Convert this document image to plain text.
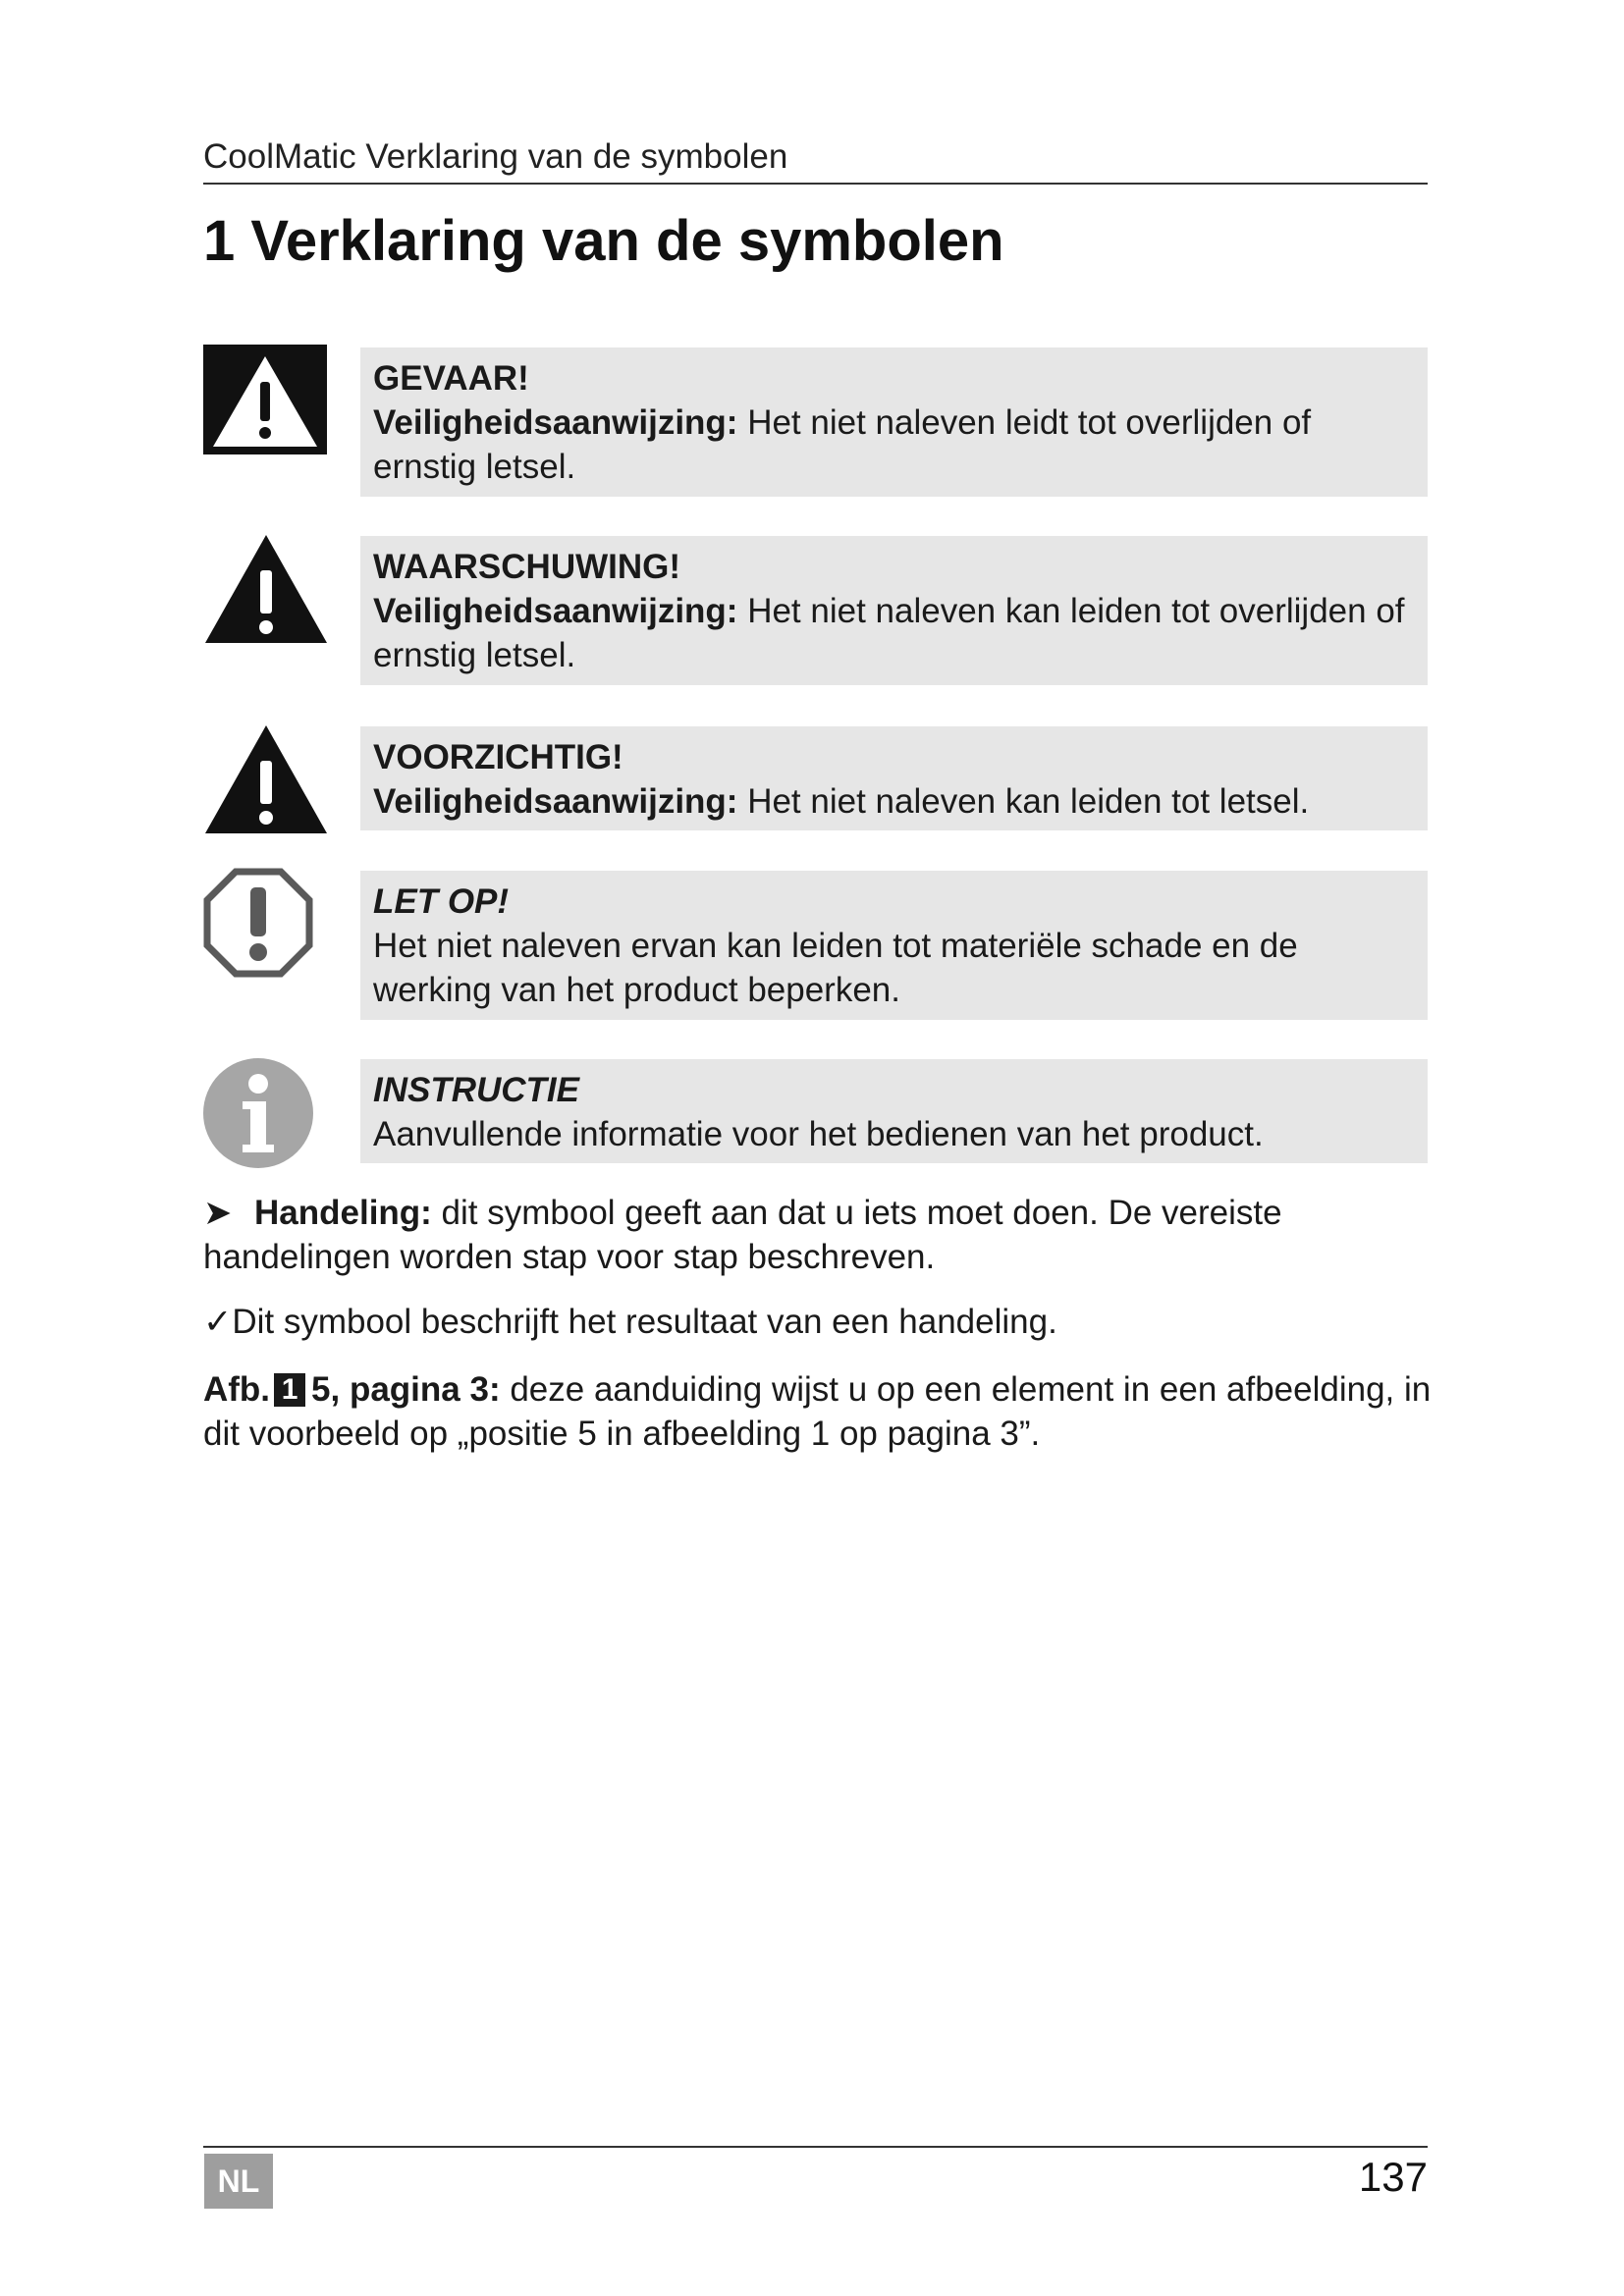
CoolMatic Verklaring van de symbolen
1 Verklaring van de symbolen
GEVAAR!
Veiligheidsaanwijzing: Het niet naleven leidt tot overlijden of ernstig letsel.
WAARSCHUWING!
Veiligheidsaanwijzing: Het niet naleven kan leiden tot overlijden of ernstig letsel.
VOORZICHTIG!
Veiligheidsaanwijzing: Het niet naleven kan leiden tot letsel.
LET OP!
Het niet naleven ervan kan leiden tot materiële schade en de werking van het product beperken.
INSTRUCTIE
Aanvullende informatie voor het bedienen van het product.
➤ Handeling: dit symbool geeft aan dat u iets moet doen. De vereiste handelingen worden stap voor stap beschreven.
✓Dit symbool beschrijft het resultaat van een handeling.
Afb. 1 5, pagina 3: deze aanduiding wijst u op een element in een afbeelding, in dit voorbeeld op „positie 5 in afbeelding 1 op pagina 3”.
NL	137
